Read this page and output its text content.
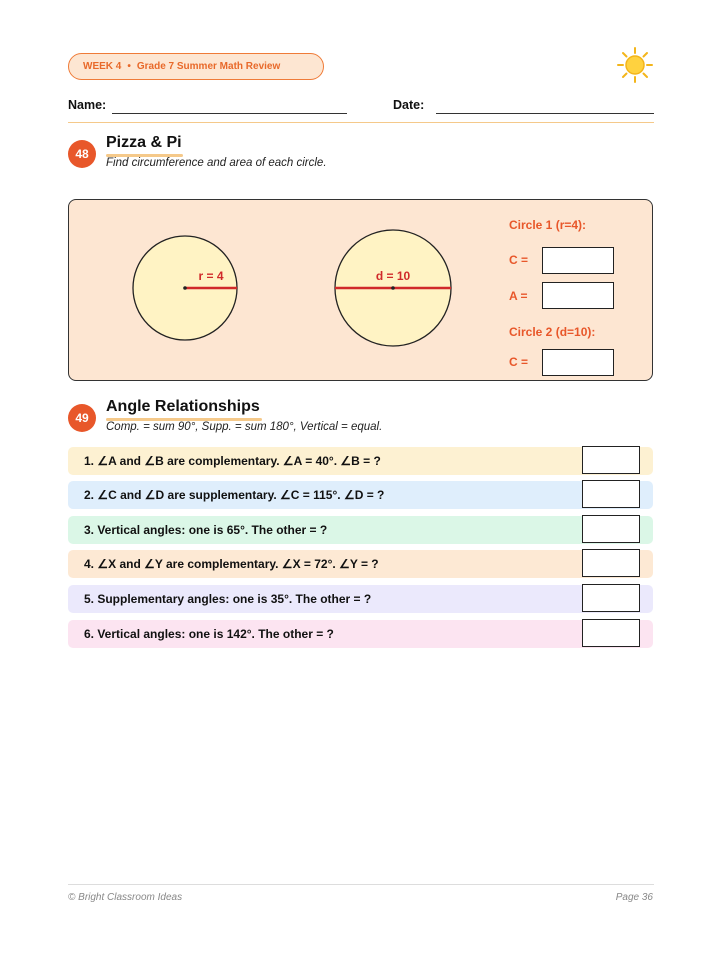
WEEK 4 • Grade 7 Summer Math Review
Name:	Date:
48
Pizza & Pi
Find circumference and area of each circle.
r = 4	d = 10
Circle 1 (r=4):
C =
A =
Circle 2 (d=10):
C =
49
Angle Relationships
Comp. = sum 90°, Supp. = sum 180°, Vertical = equal.
1. ∠A and ∠B are complementary. ∠A = 40°. ∠B = ?
2. ∠C and ∠D are supplementary. ∠C = 115°. ∠D = ?
3. Vertical angles: one is 65°. The other = ?
4. ∠X and ∠Y are complementary. ∠X = 72°. ∠Y = ?
5. Supplementary angles: one is 35°. The other = ?
6. Vertical angles: one is 142°. The other = ?
© Bright Classroom Ideas	Page 36
